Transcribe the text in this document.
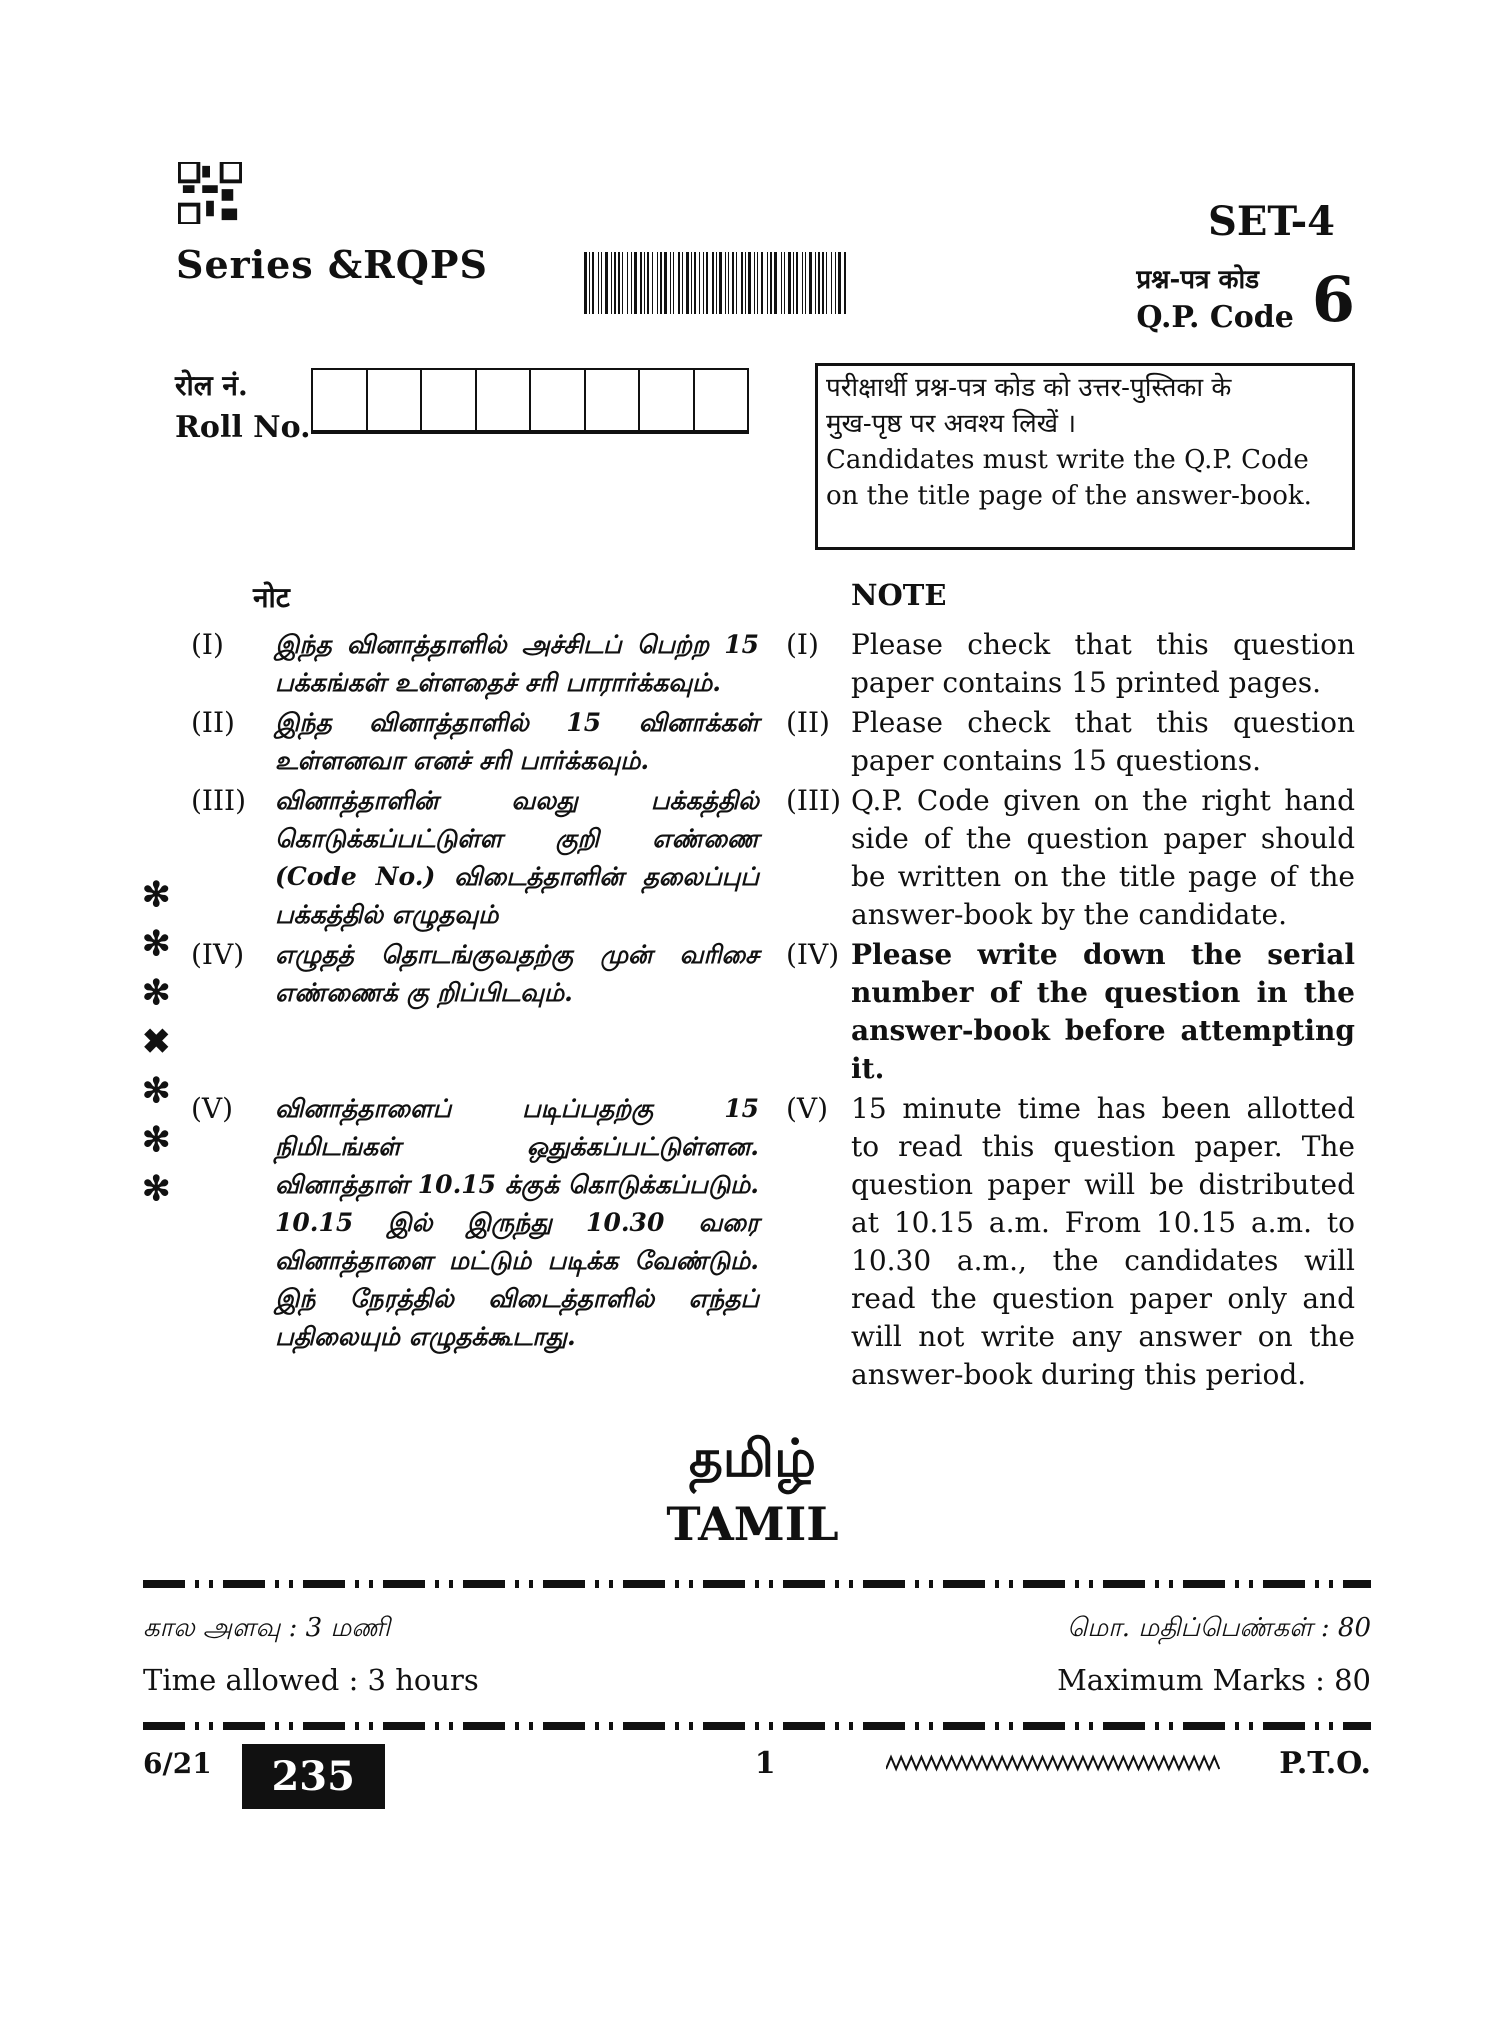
SET-4
Series &RQPS	प्रश्न-पत्र कोड
Q.P. Code 6
रोल नं.
Roll No.
परीक्षार्थी प्रश्न-पत्र कोड को उत्तर-पुस्तिका के
मुख-पृष्ठ पर अवश्य लिखें ।
Candidates must write the Q.P. Code on the title page of the answer-book.
✻
✻
✻
✖
✻
✻
✻
नोट	NOTE
(I)	இந்த வினாத்தாளில் அச்சிடப் பெற்ற 15 பக்கங்கள் உள்ளதைச் சரி பாரார்க்கவும்.
(I)	Please check that this question paper contains 15 printed pages.
(II)	இந்த வினாத்தாளில் 15 வினாக்கள் உள்ளனவா எனச் சரி பார்க்கவும்.
(II) Please check that this question paper contains 15 questions.
(III)	வினாத்தாளின் வலது பக்கத்தில் கொடுக்கப்பட்டுள்ள குறி எண்ணை (Code No.) விடைத்தாளின் தலைப்புப் பக்கத்தில் எழுதவும்
(III) Q.P. Code given on the right hand side of the question paper should be written on the title page of the answer-book by the candidate.
(IV)	எழுதத் தொடங்குவதற்கு முன் வரிசை எண்ணைக் கு றிப்பிடவும்.
(IV) Please write down the serial number of the question in the answer-book before attempting it.
(V)	வினாத்தாளைப் படிப்பதற்கு 15 நிமிடங்கள் ஒதுக்கப்பட்டுள்ளன. வினாத்தாள் 10.15 க்குக் கொடுக்கப்படும். 10.15 இல் இருந்து 10.30 வரை வினாத்தாளை மட்டும் படிக்க வேண்டும். இந் நேரத்தில் விடைத்தாளில் எந்தப் பதிலையும் எழுதக்கூடாது.
(V) 15 minute time has been allotted to read this question paper. The question paper will be distributed at 10.15 a.m. From 10.15 a.m. to 10.30 a.m., the candidates will read the question paper only and will not write any answer on the answer-book during this period.
தமிழ்
TAMIL
கால அளவு : 3 மணி	மொ. மதிப்பெண்கள் : 80
Time allowed : 3 hours	Maximum Marks : 80
6/21	235	1	P.T.O.
